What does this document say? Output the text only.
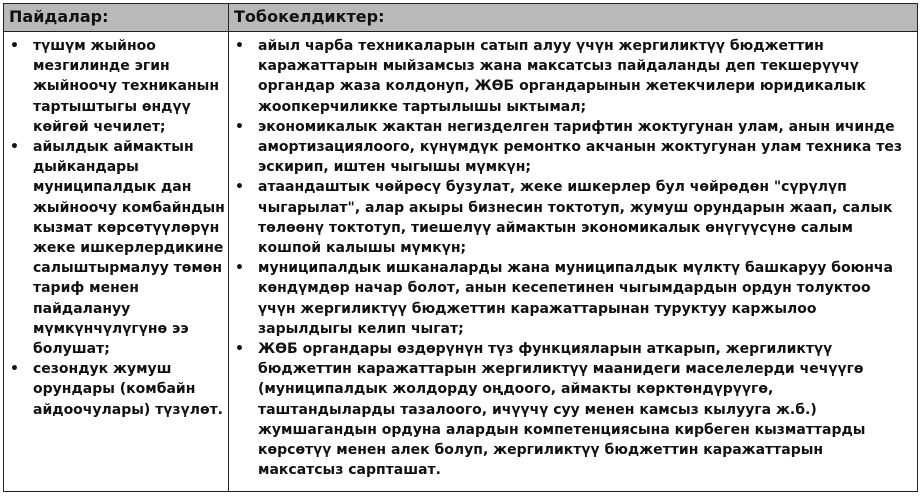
Пайдалар:	Тобокелдиктер:
• түшүм жыйноо мезгилинде эгин жыйноочу техниканын тартыштыгы өндүү көйгөй чечилет;
• айылдык аймактын дыйкандары муниципалдык дан жыйноочу комбайндын кызмат көрсөтүүлөрүн жеке ишкерлердикине салыштырмалуу төмөн тариф менен пайдалануу мүмкүнчүлүгүнө ээ болушат;
• сезондук жумуш орундары (комбайн айдоочулары) түзүлөт.
• айыл чарба техникаларын сатып алуу үчүн жергиликтүү бюджеттин каражаттарын мыйзамсыз жана максатсыз пайдаланды деп текшерүүчү органдар жаза колдонуп, ЖӨБ органдарынын жетекчилери юридикалык жоопкерчиликке тартылышы ыктымал;
• экономикалык жактан негизделген тарифтин жоктугунан улам, анын ичинде амортизациялоого, күнүмдүк ремонтко акчанын жоктугунан улам техника тез эскирип, иштен чыгышы мүмкүн;
• атаандаштык чөйрөсү бузулат, жеке ишкерлер бул чөйрөдөн "сүрүлүп чыгарылат", алар акыры бизнесин токтотуп, жумуш орундарын жаап, салык төлөөнү токтотуп, тиешелүү аймактын экономикалык өнүгүүсүнө салым кошпой калышы мүмкүн;
• муниципалдык ишканаларды жана муниципалдык мүлктү башкаруу боюнча көндүмдөр начар болот, анын кесепетинен чыгымдардын ордун толуктоо үчүн жергиликтүү бюджеттин каражаттарынан туруктуу каржылоо зарылдыгы келип чыгат;
• ЖӨБ органдары өздөрүнүн түз функцияларын аткарып, жергиликтүү бюджеттин каражаттарын жергиликтүү маанидеги маселелерди чечүүгө (муниципалдык жолдорду оңдоого, аймакты көрктөндүрүүгө, таштандыларды тазалоого, ичүүчү суу менен камсыз кылууга ж.б.) жумшагандын ордуна алардын компетенциясына кирбеген кызматтарды көрсөтүү менен алек болуп, жергиликтүү бюджеттин каражаттарын максатсыз сарпташат.
